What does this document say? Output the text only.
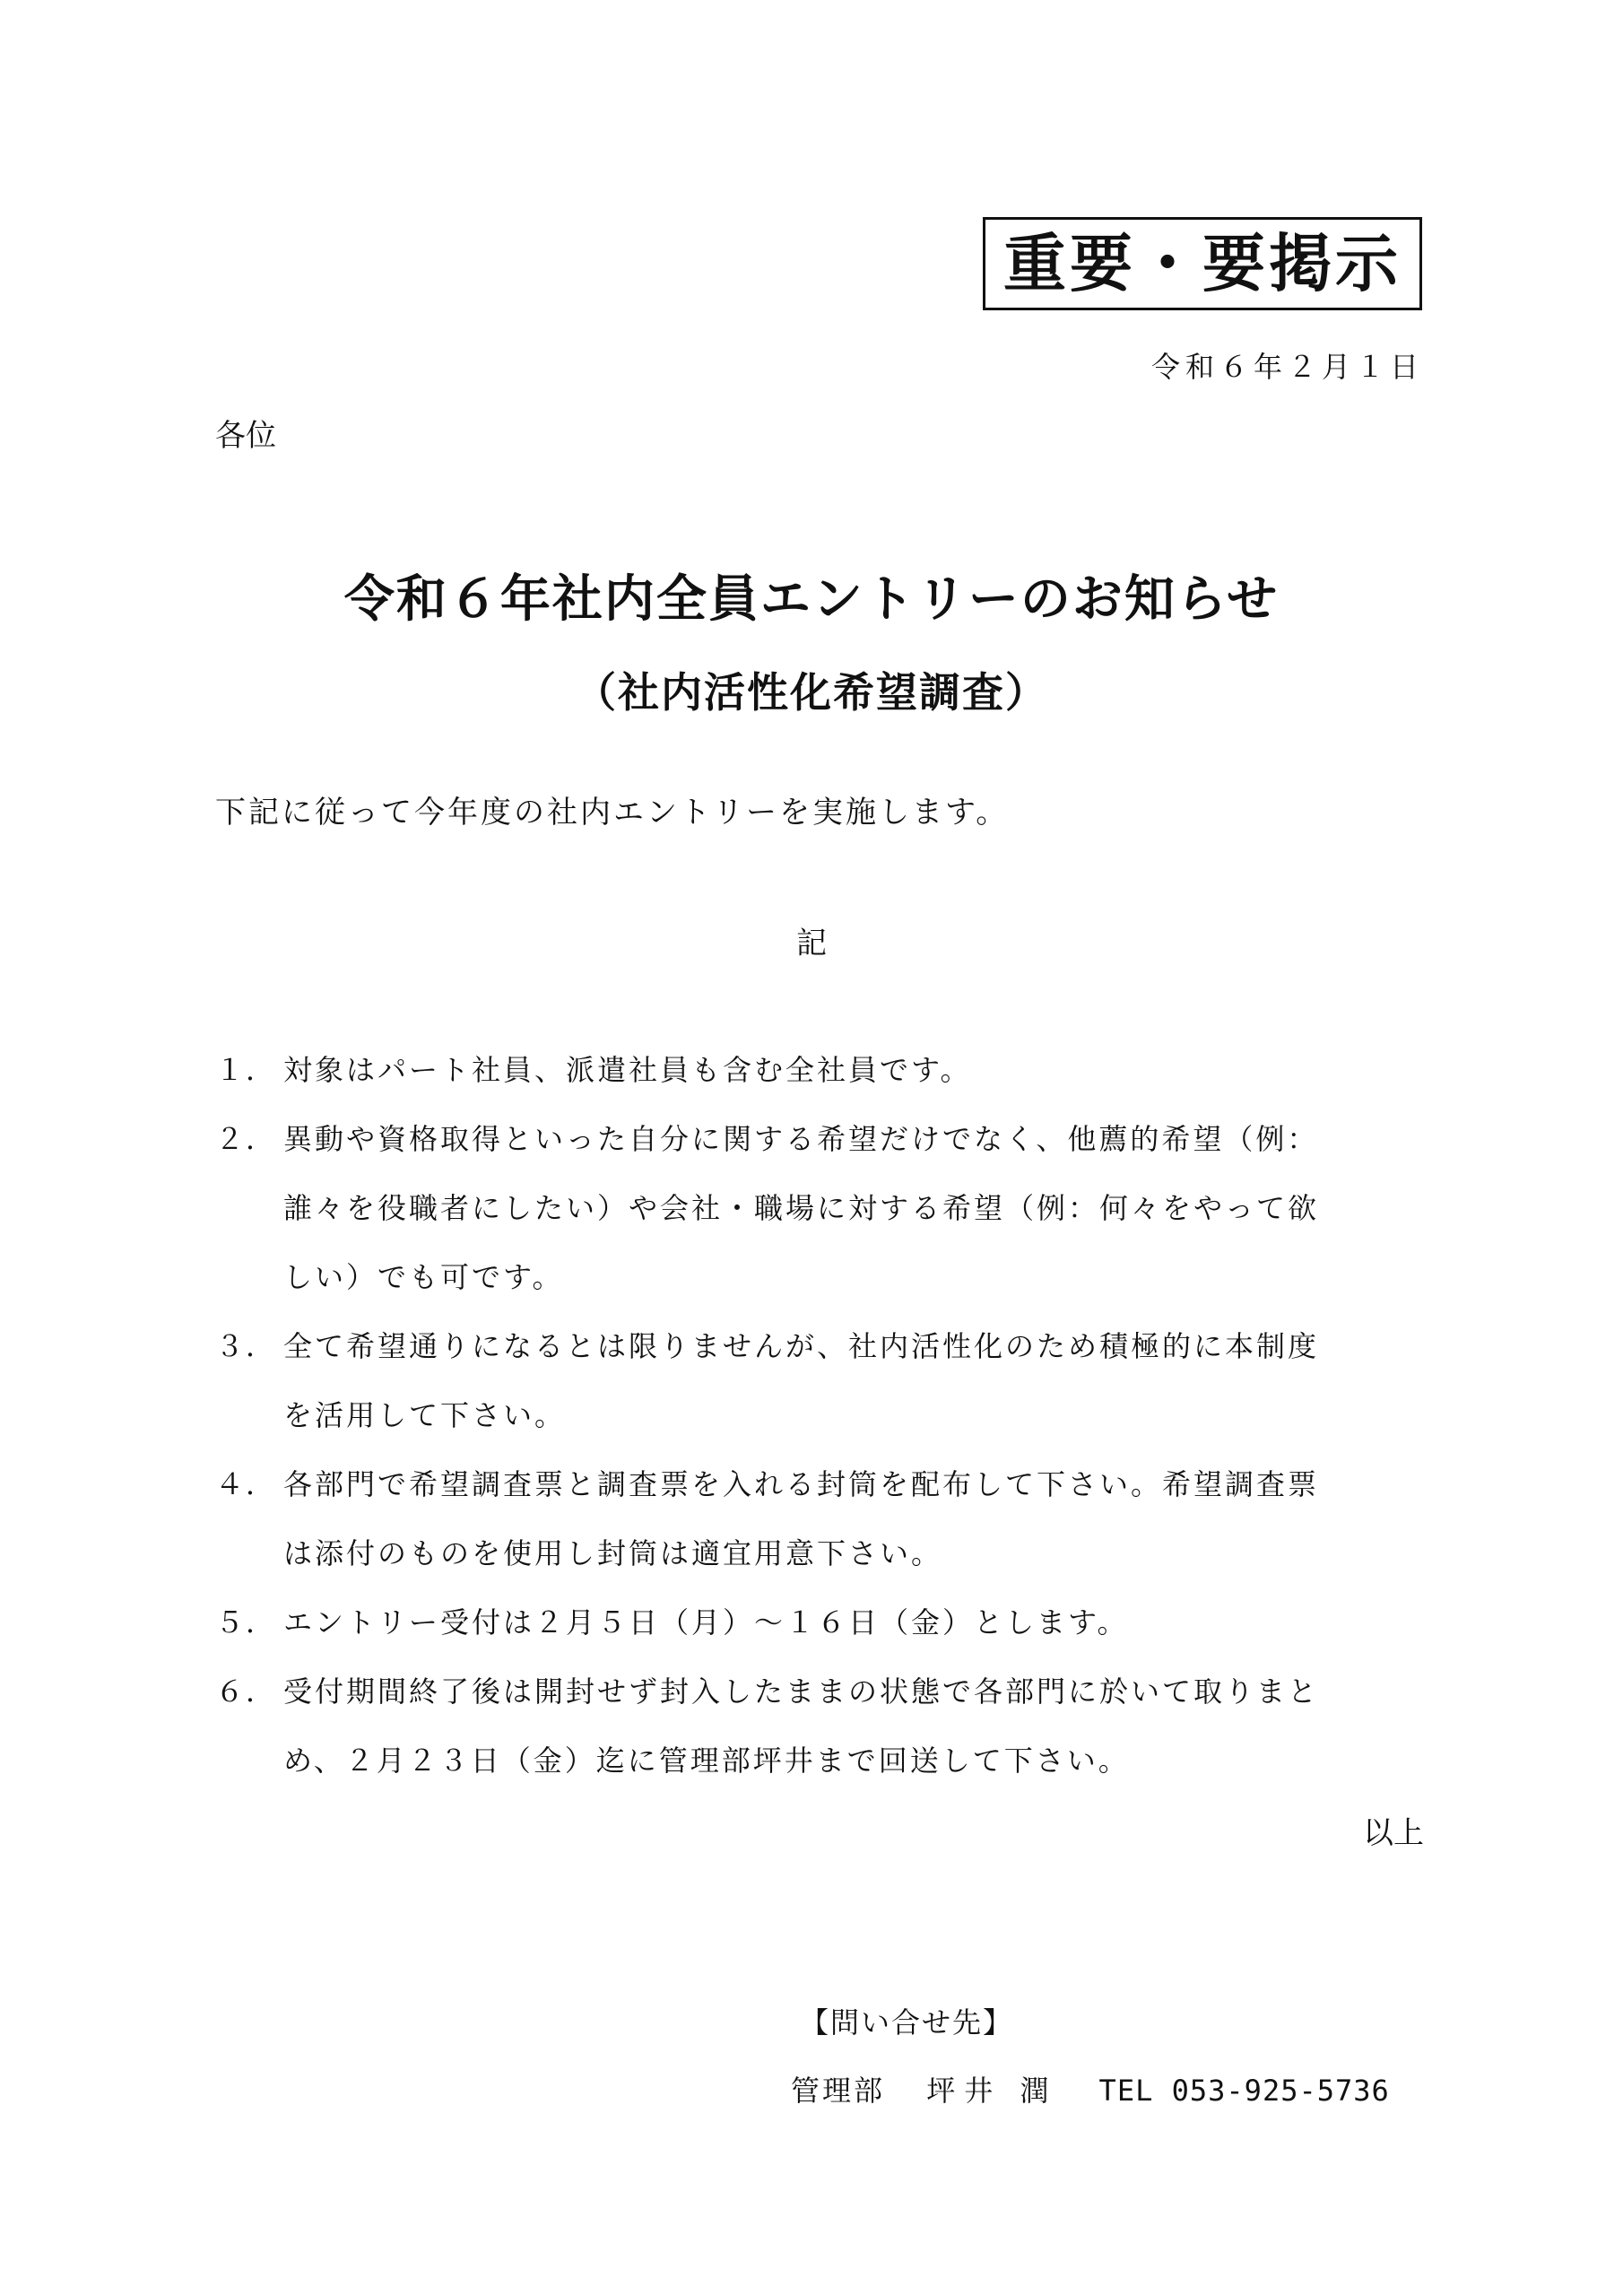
重要・要掲示
令和６年２月１日
各位
令和６年社内全員エントリーのお知らせ
（社内活性化希望調査）
下記に従って今年度の社内エントリーを実施します。
記
１． 対象はパート社員、派遣社員も含む全社員です。
２． 異動や資格取得といった自分に関する希望だけでなく、他薦的希望（例：
誰々を役職者にしたい）や会社・職場に対する希望（例：何々をやって欲
しい）でも可です。
３． 全て希望通りになるとは限りませんが、社内活性化のため積極的に本制度
を活用して下さい。
４． 各部門で希望調査票と調査票を入れる封筒を配布して下さい。希望調査票
は添付のものを使用し封筒は適宜用意下さい。
５． エントリー受付は２月５日（月）～１６日（金）とします。
６． 受付期間終了後は開封せず封入したままの状態で各部門に於いて取りまと
め、２月２３日（金）迄に管理部坪井まで回送して下さい。
以上
【問い合せ先】
管理部 坪井 潤 TEL 053-925-5736
